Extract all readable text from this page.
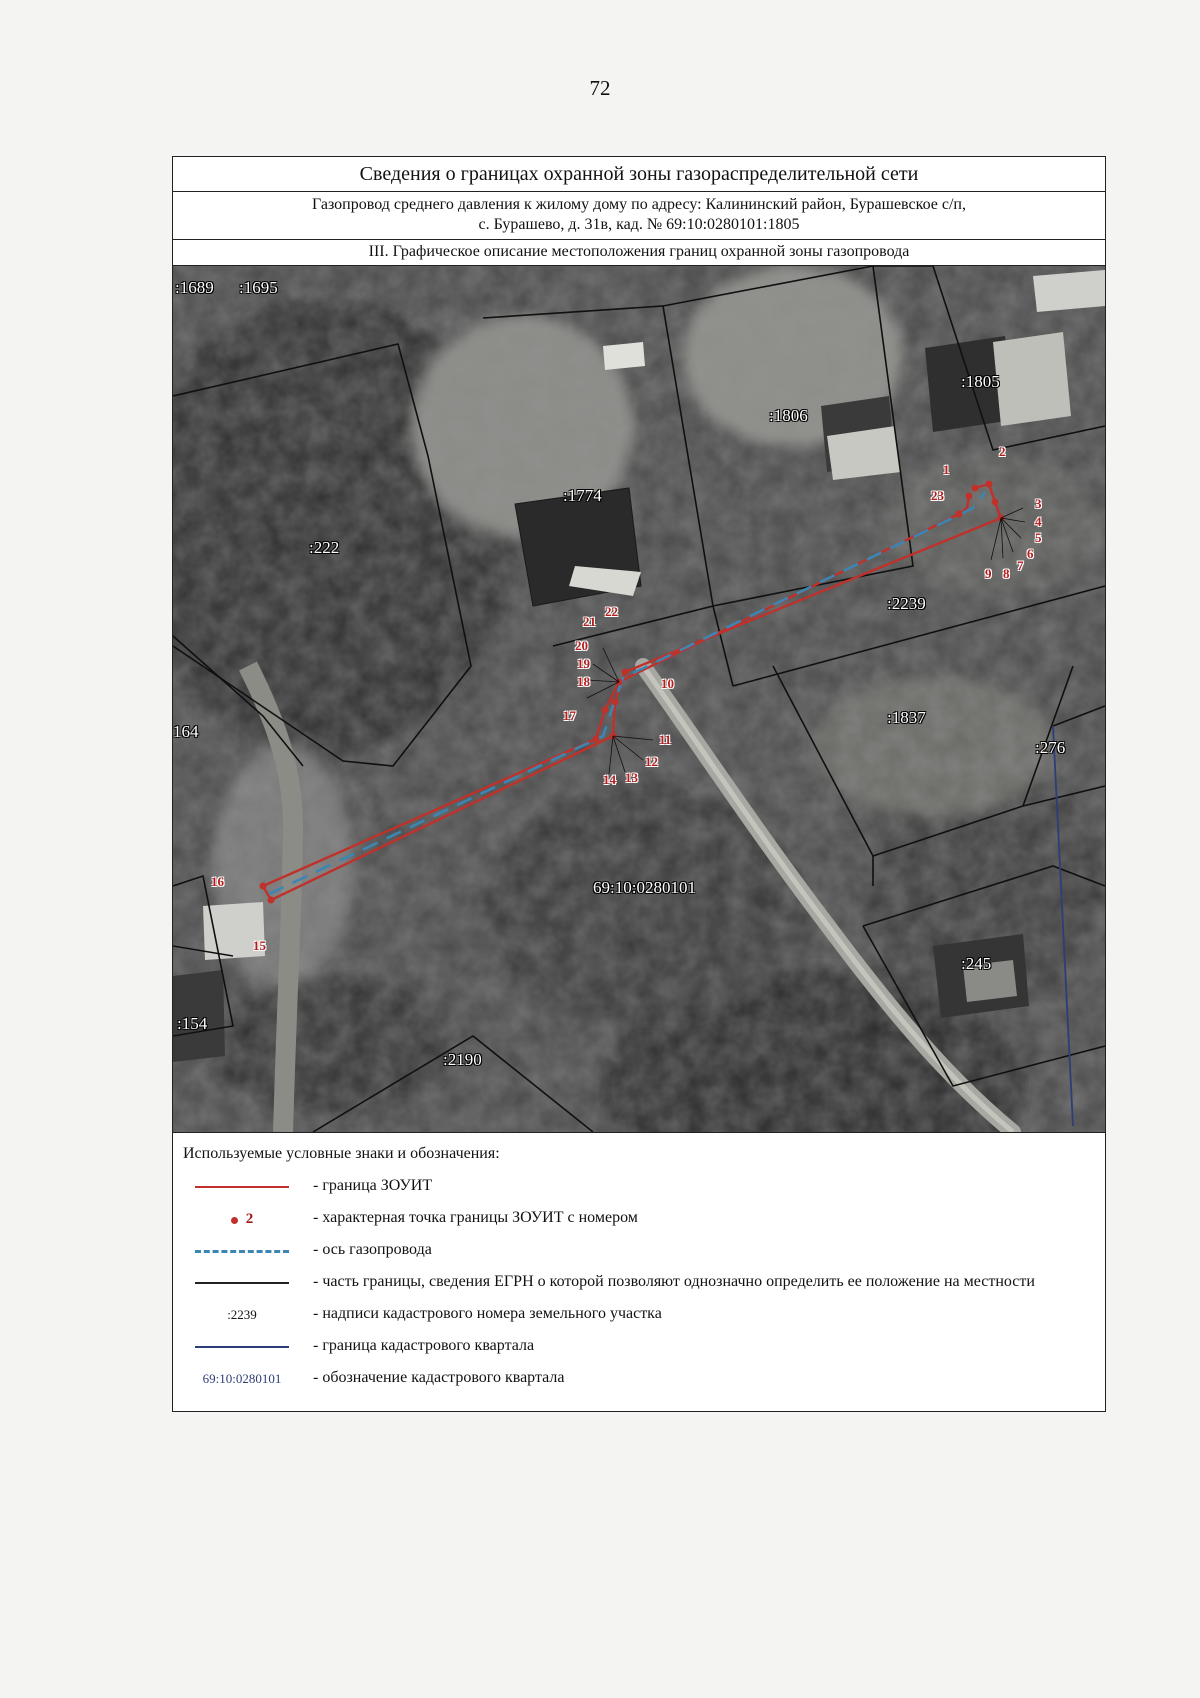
72
Сведения о границах охранной зоны газораспределительной сети
Газопровод среднего давления к жилому дому по адресу: Калининский район, Бурашевское с/п,
с. Бурашево, д. 31в, кад. № 69:10:0280101:1805
III. Графическое описание местоположения границ охранной зоны газопровода
:1689 :1695
:1805
:1806
:1774
:222
:2239
:1837
164
:276
69:10:0280101
:245
:154
:2190
1
2
3
4
5
6
7
8
9
10
11
12
13
14
15
16
17
18
19
20
21
22
23
Используемые условные знаки и обозначения:
- граница ЗОУИТ
2	- характерная точка границы ЗОУИТ с номером
- ось газопровода
- часть границы, сведения ЕГРН о которой позволяют однозначно определить ее положение на местности
:2239	- надписи кадастрового номера земельного участка
- граница кадастрового квартала
69:10:0280101	- обозначение кадастрового квартала
